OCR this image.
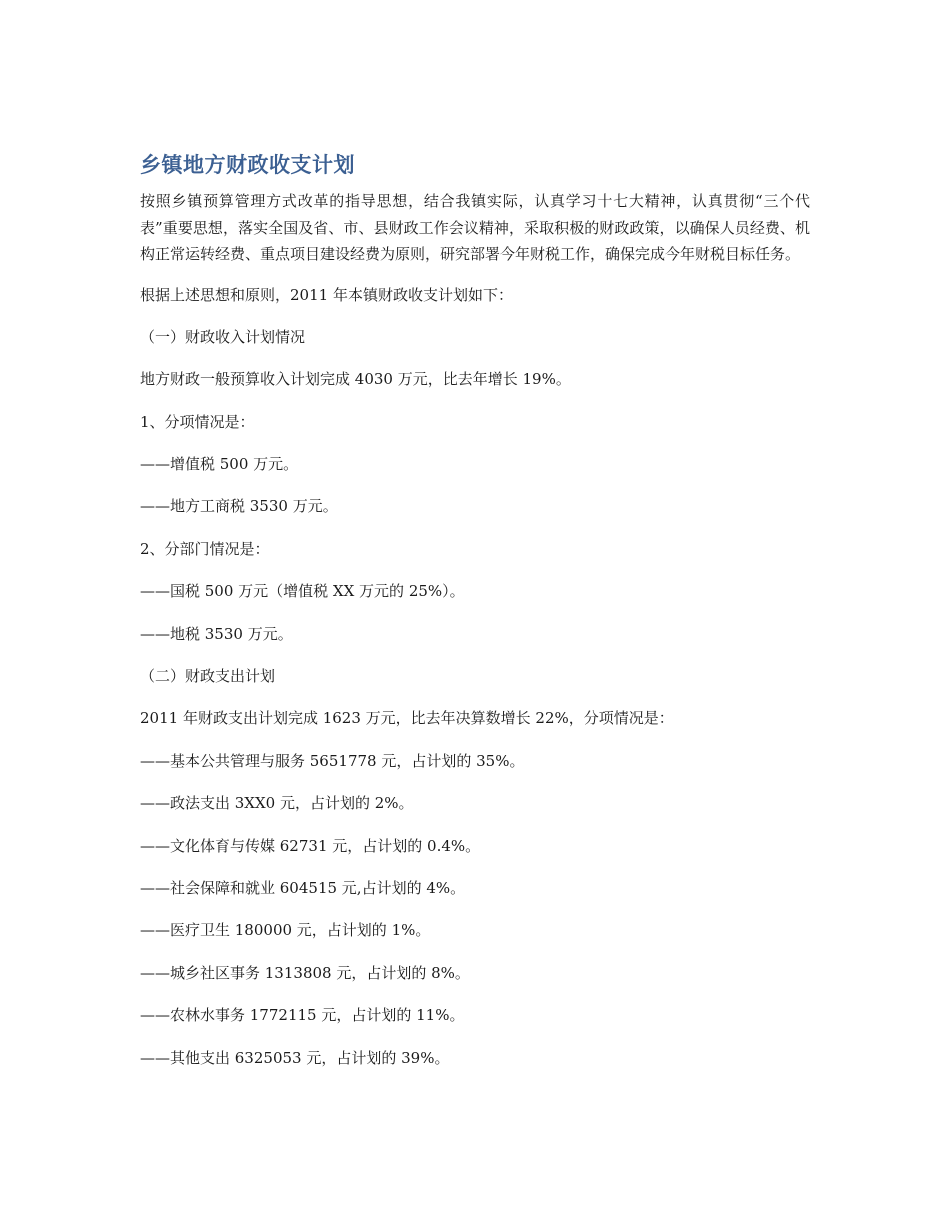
乡镇地方财政收支计划

按照乡镇预算管理方式改革的指导思想，结合我镇实际，认真学习十七大精神，认真贯彻“三个代表”重要思想，落实全国及省、市、县财政工作会议精神，采取积极的财政政策，以确保人员经费、机构正常运转经费、重点项目建设经费为原则，研究部署今年财税工作，确保完成今年财税目标任务。

根据上述思想和原则，2011 年本镇财政收支计划如下：

（一）财政收入计划情况

地方财政一般预算收入计划完成 4030 万元，比去年增长 19%。

1、分项情况是：

——增值税 500 万元。

——地方工商税 3530 万元。

2、分部门情况是：

——国税 500 万元（增值税 XX 万元的 25%）。

——地税 3530 万元。

（二）财政支出计划

2011 年财政支出计划完成 1623 万元，比去年决算数增长 22%，分项情况是：

——基本公共管理与服务 5651778 元，占计划的 35%。

——政法支出 3XX0 元，占计划的 2%。

——文化体育与传媒 62731 元，占计划的 0.4%。

——社会保障和就业 604515 元,占计划的 4%。

——医疗卫生 180000 元，占计划的 1%。

——城乡社区事务 1313808 元，占计划的 8%。

——农林水事务 1772115 元，占计划的 11%。

——其他支出 6325053 元，占计划的 39%。
